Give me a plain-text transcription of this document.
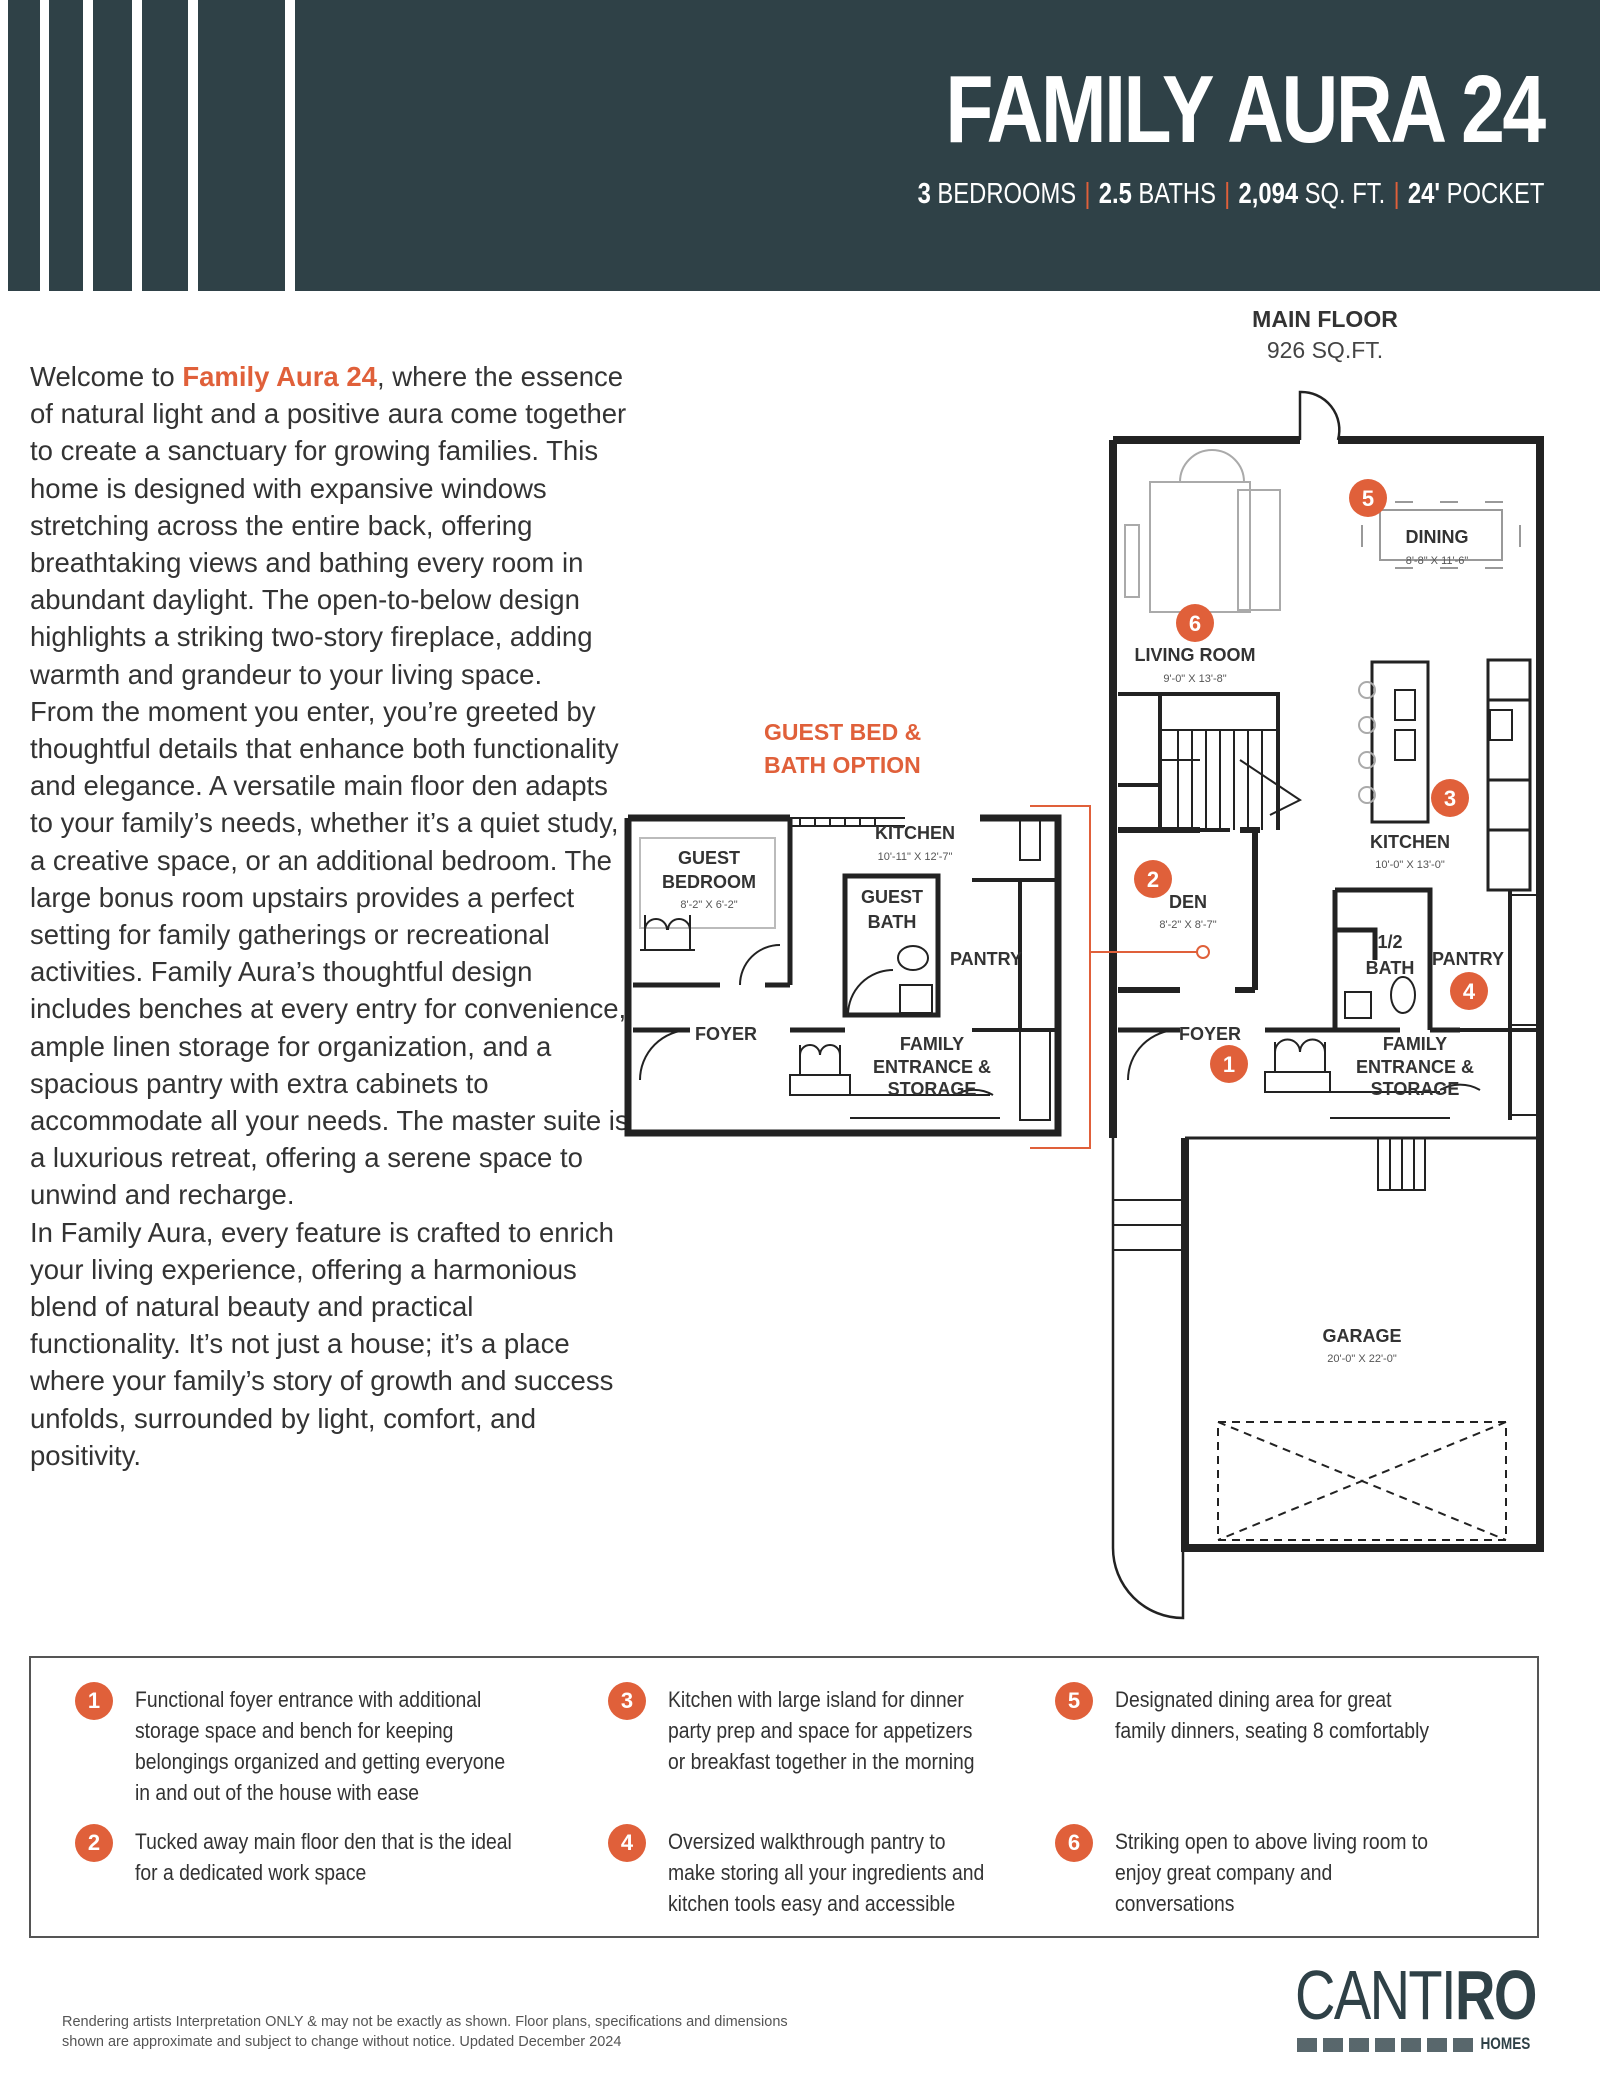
FAMILY AURA 24
3 BEDROOMS | 2.5 BATHS | 2,094 SQ. FT. | 24' POCKET

Welcome to Family Aura 24, where the essence of natural light and a positive aura come together to create a sanctuary for growing families. This home is designed with expansive windows stretching across the entire back, offering breathtaking views and bathing every room in abundant daylight. The open-to-below design highlights a striking two-story fireplace, adding warmth and grandeur to your living space.

From the moment you enter, you’re greeted by thoughtful details that enhance both functionality and elegance. A versatile main floor den adapts to your family’s needs, whether it’s a quiet study, a creative space, or an additional bedroom. The large bonus room upstairs provides a perfect setting for family gatherings or recreational activities. Family Aura’s thoughtful design includes benches at every entry for convenience, ample linen storage for organization, and a spacious pantry with extra cabinets to accommodate all your needs. The master suite is a luxurious retreat, offering a serene space to unwind and recharge.

In Family Aura, every feature is crafted to enrich your living experience, offering a harmonious blend of natural beauty and practical functionality. It’s not just a house; it’s a place where your family’s story of growth and success unfolds, surrounded by light, comfort, and positivity.

MAIN FLOOR
926 SQ.FT.
GUEST BED &
BATH OPTION
DINING
8'-8" X 11'-6"
LIVING ROOM
9'-0" X 13'-8"
KITCHEN
10'-0" X 13'-0"
DEN
8'-2" X 8'-7"
1/2
BATH PANTRY
FOYER	FAMILY
ENTRANCE &
STORAGE
GARAGE
20'-0" X 22'-0"
GUEST
BEDROOM
8'-2" X 6'-2"
KITCHEN
10'-11" X 12'-7"
GUEST
BATH
PANTRY
FOYER	FAMILY
ENTRANCE &
STORAGE
1
2
3
4
5
6
1	Functional foyer entrance with additional storage space and bench for keeping belongings organized and getting everyone in and out of the house with ease
2	Tucked away main floor den that is the ideal for a dedicated work space
3	Kitchen with large island for dinner party prep and space for appetizers or breakfast together in the morning
4	Oversized walkthrough pantry to make storing all your ingredients and kitchen tools easy and accessible
5	Designated dining area for great family dinners, seating 8 comfortably
6	Striking open to above living room to enjoy great company and conversations
Rendering artists Interpretation ONLY & may not be exactly as shown. Floor plans, specifications and dimensions shown are approximate and subject to change without notice. Updated December 2024
CANTIRO
HOMES
